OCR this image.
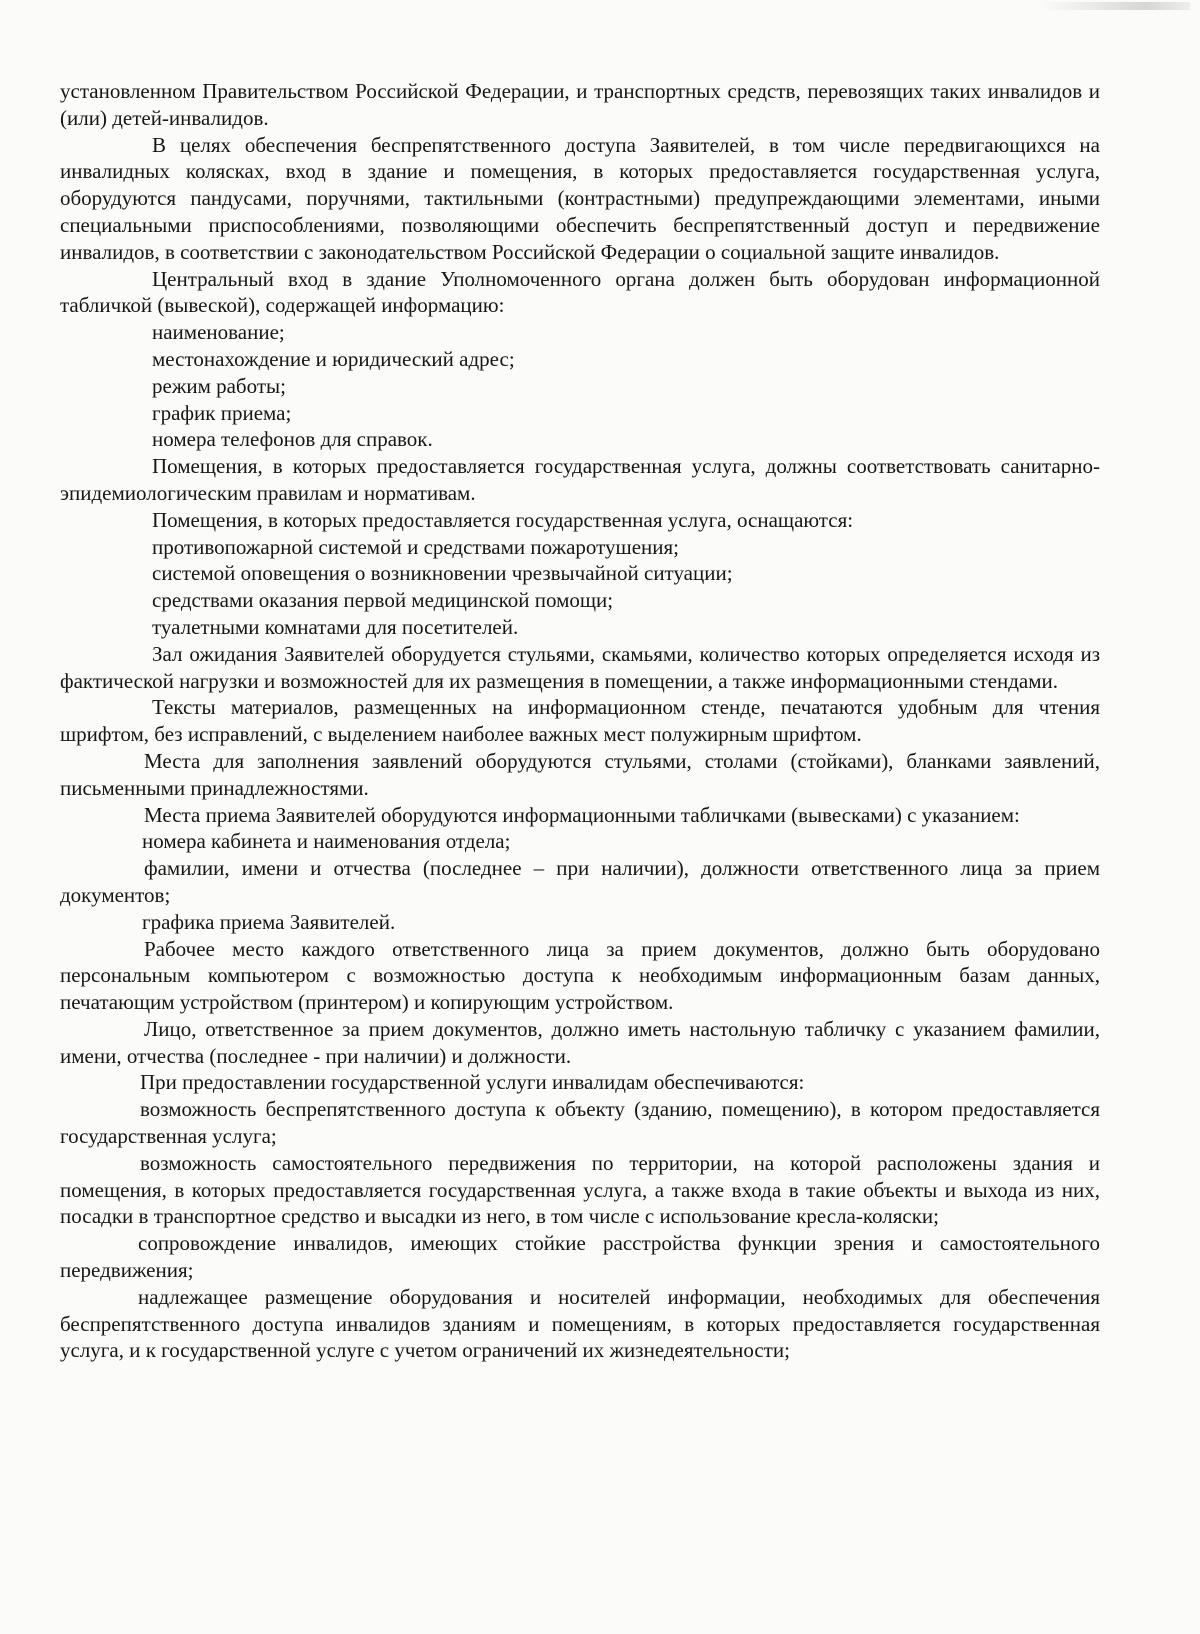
установленном Правительством Российской Федерации, и транспортных средств, перевозящих таких инвалидов и (или) детей-инвалидов.

В целях обеспечения беспрепятственного доступа Заявителей, в том числе передвигающихся на инвалидных колясках, вход в здание и помещения, в которых предоставляется государственная услуга, оборудуются пандусами, поручнями, тактильными (контрастными) предупреждающими элементами, иными специальными приспособлениями, позволяющими обеспечить беспрепятственный доступ и передвижение инвалидов, в соответствии с законодательством Российской Федерации о социальной защите инвалидов.

Центральный вход в здание Уполномоченного органа должен быть оборудован информационной табличкой (вывеской), содержащей информацию:

наименование;

местонахождение и юридический адрес;

режим работы;

график приема;

номера телефонов для справок.

Помещения, в которых предоставляется государственная услуга, должны соответствовать санитарно-эпидемиологическим правилам и нормативам.

Помещения, в которых предоставляется государственная услуга, оснащаются:

противопожарной системой и средствами пожаротушения;

системой оповещения о возникновении чрезвычайной ситуации;

средствами оказания первой медицинской помощи;

туалетными комнатами для посетителей.

Зал ожидания Заявителей оборудуется стульями, скамьями, количество которых определяется исходя из фактической нагрузки и возможностей для их размещения в помещении, а также информационными стендами.

Тексты материалов, размещенных на информационном стенде, печатаются удобным для чтения шрифтом, без исправлений, с выделением наиболее важных мест полужирным шрифтом.

Места для заполнения заявлений оборудуются стульями, столами (стойками), бланками заявлений, письменными принадлежностями.

Места приема Заявителей оборудуются информационными табличками (вывесками) с указанием:

номера кабинета и наименования отдела;

фамилии, имени и отчества (последнее – при наличии), должности ответственного лица за прием документов;

графика приема Заявителей.

Рабочее место каждого ответственного лица за прием документов, должно быть оборудовано персональным компьютером с возможностью доступа к необходимым информационным базам данных, печатающим устройством (принтером) и копирующим устройством.

Лицо, ответственное за прием документов, должно иметь настольную табличку с указанием фамилии, имени, отчества (последнее - при наличии) и должности.

При предоставлении государственной услуги инвалидам обеспечиваются:

возможность беспрепятственного доступа к объекту (зданию, помещению), в котором предоставляется государственная услуга;

возможность самостоятельного передвижения по территории, на которой расположены здания и помещения, в которых предоставляется государственная услуга, а также входа в такие объекты и выхода из них, посадки в транспортное средство и высадки из него, в том числе с использование кресла-коляски;

сопровождение инвалидов, имеющих стойкие расстройства функции зрения и самостоятельного передвижения;

надлежащее размещение оборудования и носителей информации, необходимых для обеспечения беспрепятственного доступа инвалидов зданиям и помещениям, в которых предоставляется государственная услуга, и к государственной услуге с учетом ограничений их жизнедеятельности;
